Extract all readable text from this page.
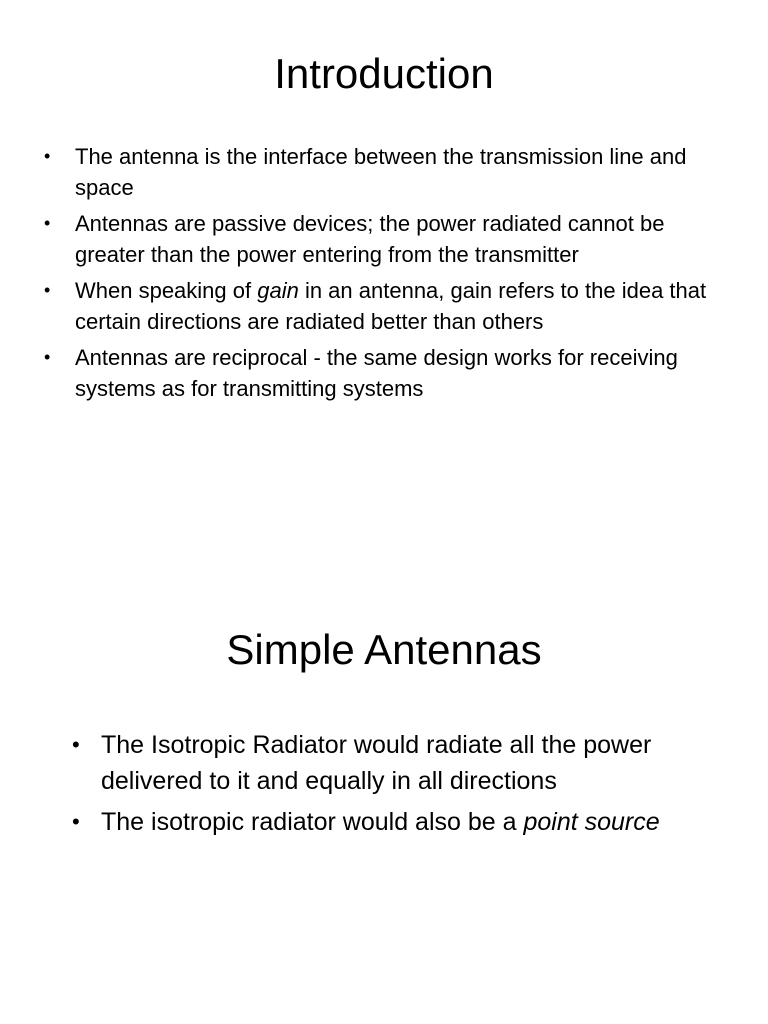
Introduction
• The antenna is the interface between the transmission line and space
• Antennas are passive devices; the power radiated cannot be greater than the power entering from the transmitter
• When speaking of gain in an antenna, gain refers to the idea that certain directions are radiated better than others
• Antennas are reciprocal - the same design works for receiving systems as for transmitting systems
Simple Antennas
• The Isotropic Radiator would radiate all the power delivered to it and equally in all directions
• The isotropic radiator would also be a point source
